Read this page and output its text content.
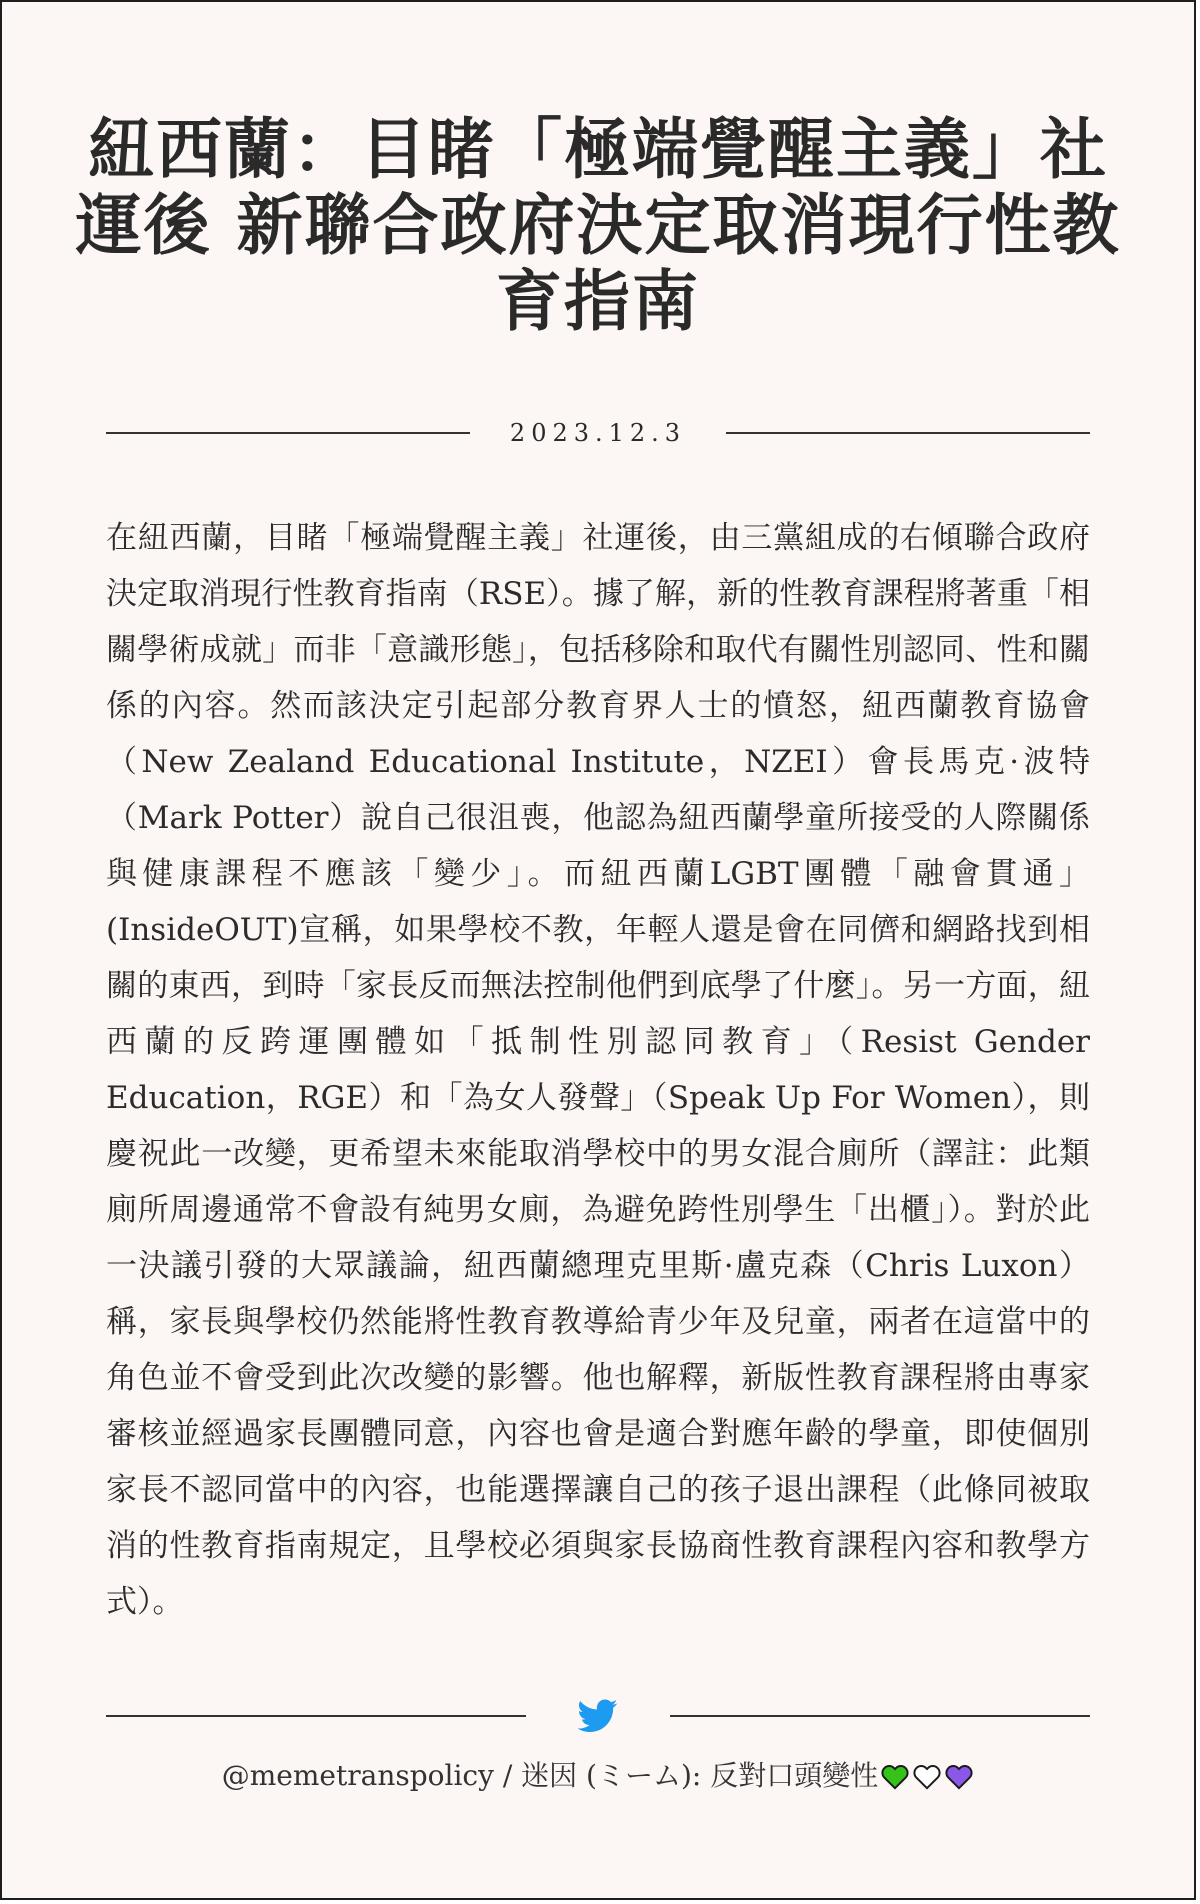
紐西蘭：目睹「極端覺醒主義」社運後 新聯合政府決定取消現行性教育指南
2023.12.3

在紐西蘭，目睹「極端覺醒主義」社運後，由三黨組成的右傾聯合政府決定取消現行性教育指南（RSE）。據了解，新的性教育課程將著重「相關學術成就」而非「意識形態」，包括移除和取代有關性別認同、性和關係的內容。然而該決定引起部分教育界人士的憤怒，紐西蘭教育協會（New Zealand Educational Institute，NZEI）會長馬克·波特（Mark Potter）說自己很沮喪，他認為紐西蘭學童所接受的人際關係與健康課程不應該「變少」。而紐西蘭LGBT團體「融會貫通」(InsideOUT)宣稱，如果學校不教，年輕人還是會在同儕和網路找到相關的東西，到時「家長反而無法控制他們到底學了什麼」。另一方面，紐西蘭的反跨運團體如「抵制性別認同教育」（Resist Gender Education，RGE）和「為女人發聲」（Speak Up For Women），則慶祝此一改變，更希望未來能取消學校中的男女混合廁所（譯註：此類廁所周邊通常不會設有純男女廁，為避免跨性別學生「出櫃」）。對於此一決議引發的大眾議論，紐西蘭總理克里斯·盧克森（Chris Luxon）稱，家長與學校仍然能將性教育教導給青少年及兒童，兩者在這當中的角色並不會受到此次改變的影響。他也解釋，新版性教育課程將由專家審核並經過家長團體同意，內容也會是適合對應年齡的學童，即使個別家長不認同當中的內容，也能選擇讓自己的孩子退出課程（此條同被取消的性教育指南規定，且學校必須與家長協商性教育課程內容和教學方式）。

@memetranspolicy / 迷因 (ミーム): 反對口頭變性
